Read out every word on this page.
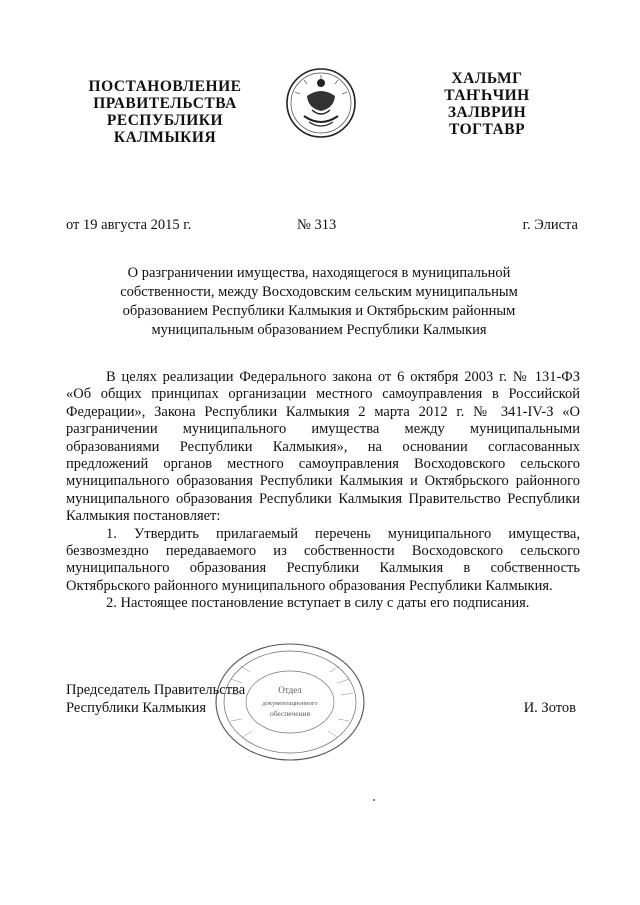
ПОСТАНОВЛЕНИЕ
ПРАВИТЕЛЬСТВА
РЕСПУБЛИКИ
КАЛМЫКИЯ
ХАЛЬМГ
ТАҤҺЧИН
ЗАЛВРИН
ТОГТАВР
от 19 августа 2015 г.	№ 313	г. Элиста
О разграничении имущества, находящегося в муниципальной
собственности, между Восходовским сельским муниципальным
образованием Республики Калмыкия и Октябрьским районным
муниципальным образованием Республики Калмыкия

В целях реализации Федерального закона от 6 октября 2003 г. № 131-ФЗ «Об общих принципах организации местного самоуправления в Российской Федерации», Закона Республики Калмыкия 2 марта 2012 г. № 341-IV-З «О разграничении муниципального имущества между муниципальными образованиями Республики Калмыкия», на основании согласованных предложений органов местного самоуправления Восходовского сельского муниципального образования Республики Калмыкия и Октябрьского районного муниципального образования Республики Калмыкия Правительство Республики Калмыкия постановляет:

1. Утвердить прилагаемый перечень муниципального имущества, безвозмездно передаваемого из собственности Восходовского сельского муниципального образования Республики Калмыкия в собственность Октябрьского районного муниципального образования Республики Калмыкия.

2. Настоящее постановление вступает в силу с даты его подписания.

Отдел
документационного
обеспечения
Председатель Правительства
Республики Калмыкия	И. Зотов
